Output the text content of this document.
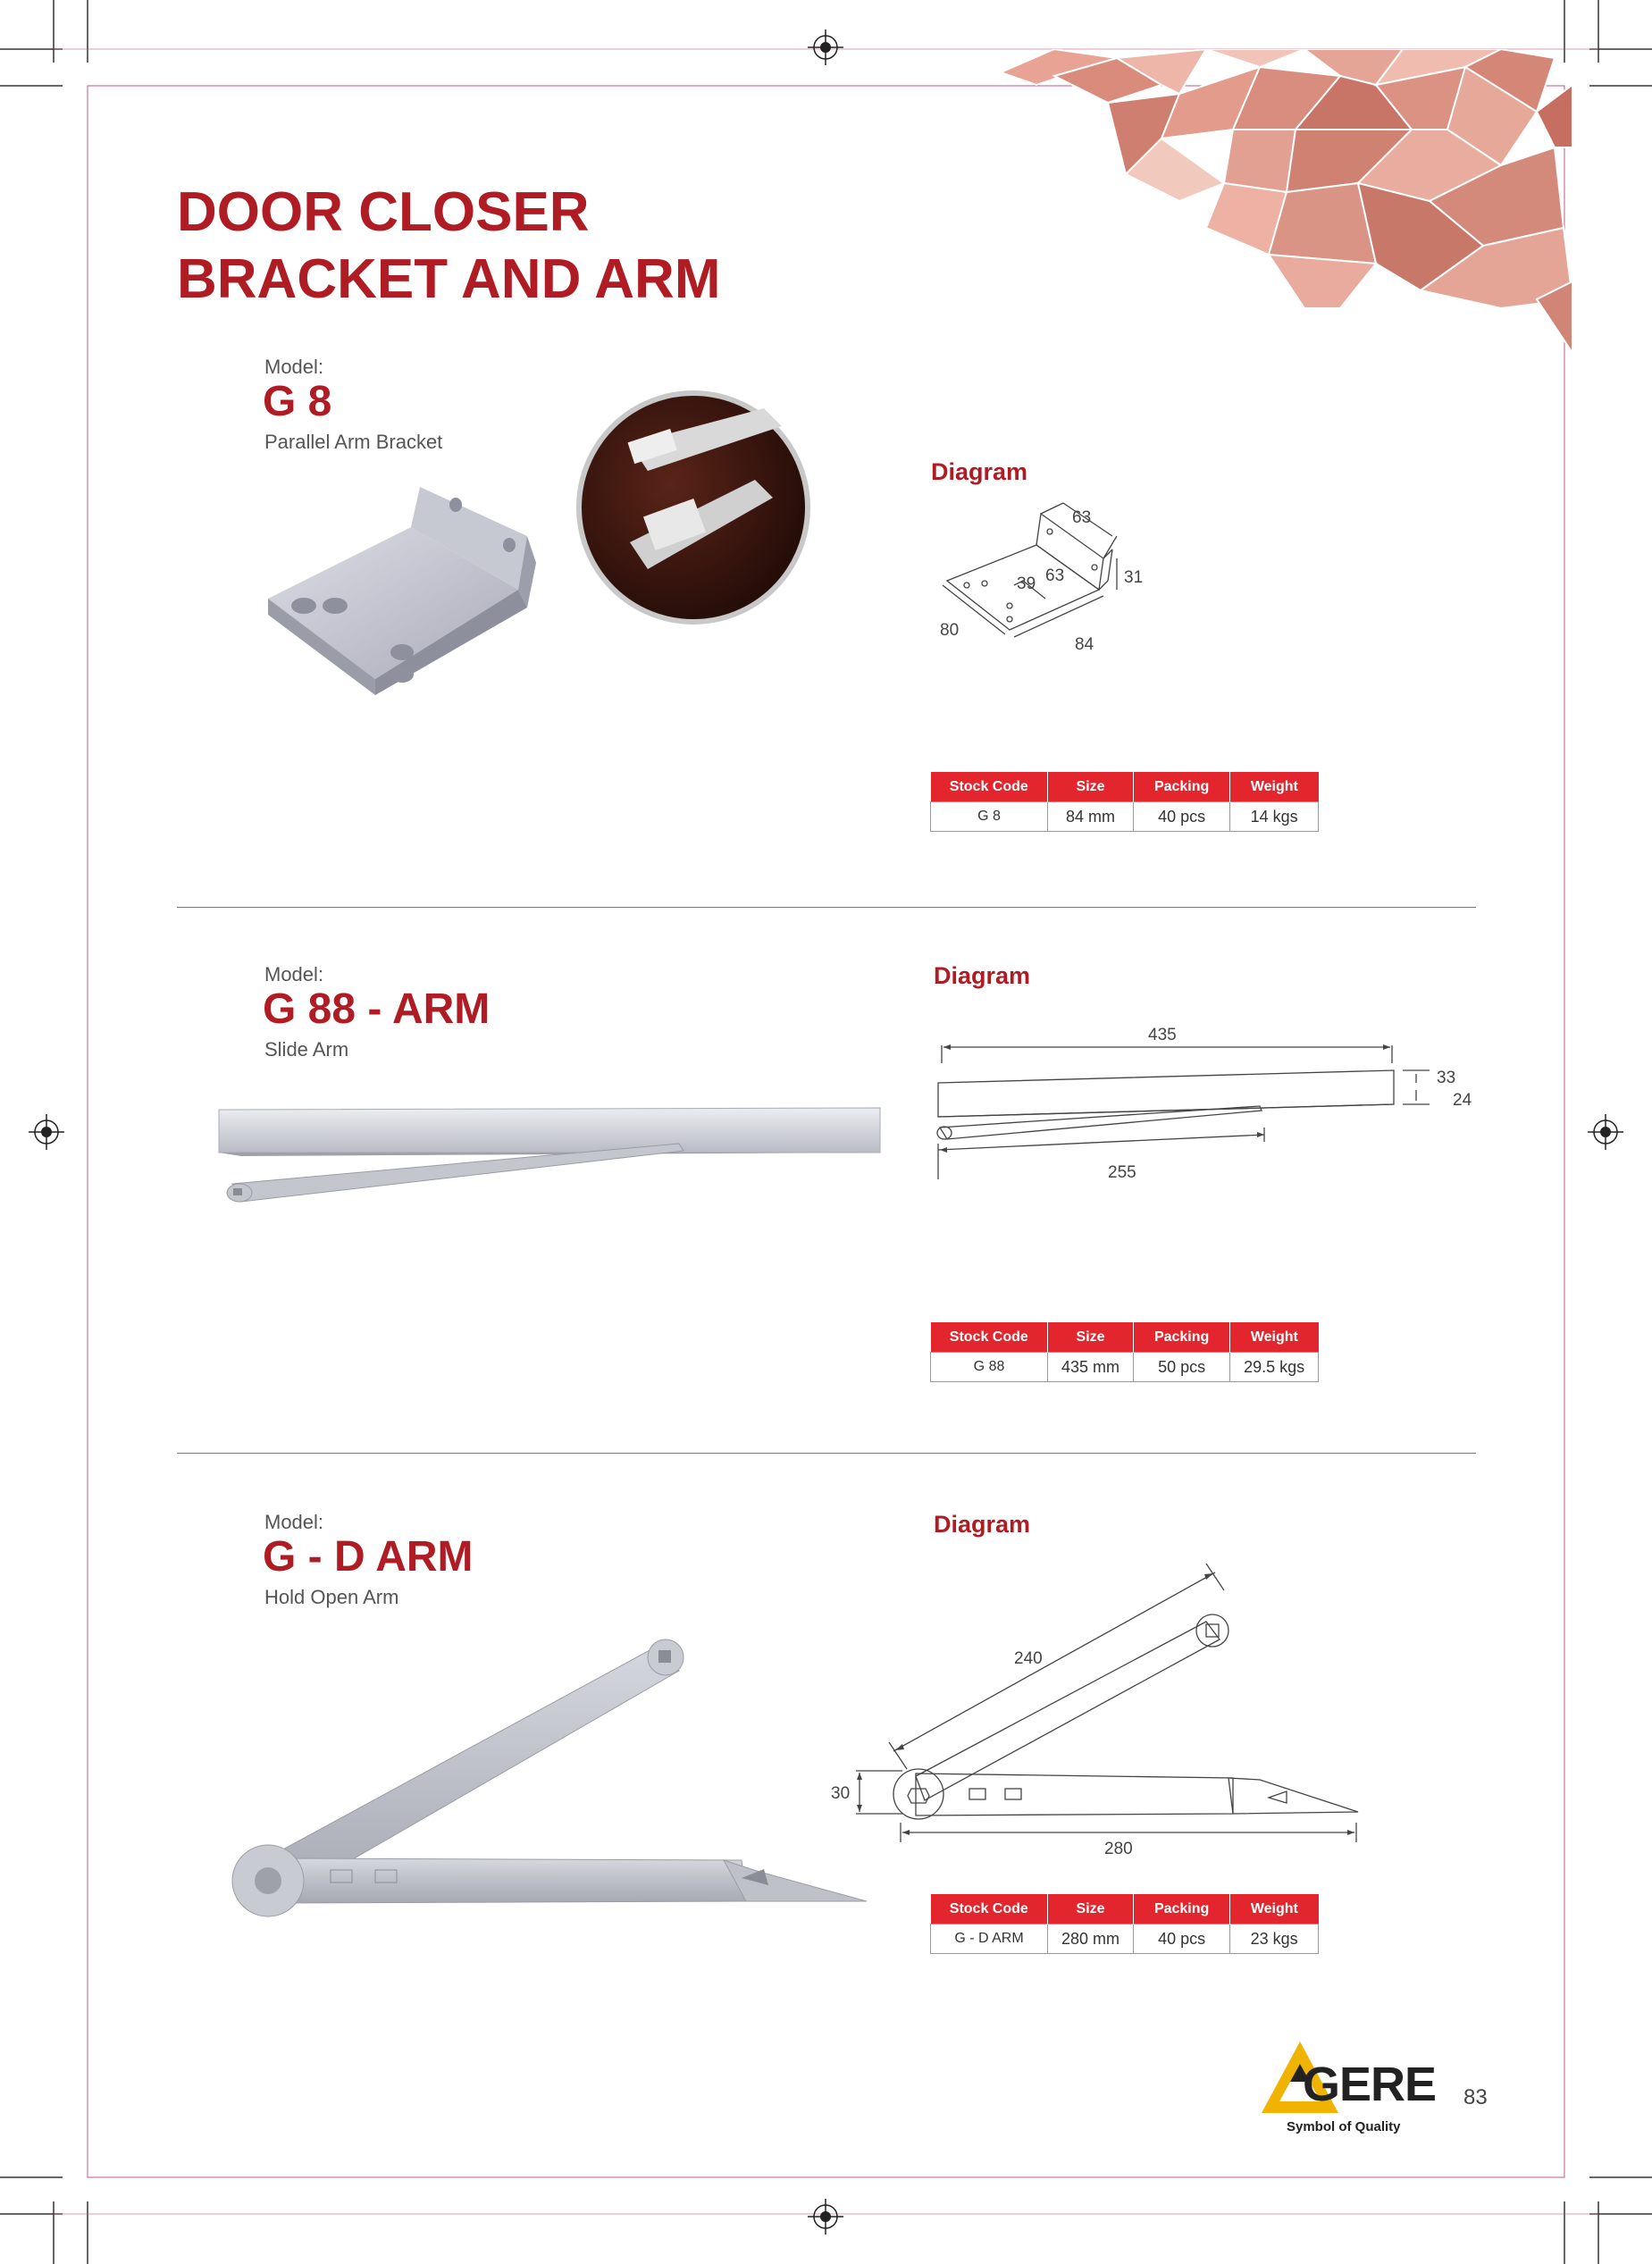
DOOR CLOSER
BRACKET AND ARM
Model:
G 8
Parallel Arm Bracket
Diagram
63
63
39	31
80
84
Stock Code	Size	Packing	Weight
G 8	84 mm	40 pcs	14 kgs
Model:
G 88 - ARM
Slide Arm
Diagram
435
33
24
255
Stock Code	Size	Packing	Weight
G 88	435 mm	50 pcs	29.5 kgs
Model:
G - D ARM
Hold Open Arm
Diagram
240
30
280
Stock Code	Size	Packing	Weight
G - D ARM	280 mm	40 pcs	23 kgs
GERE
Symbol of Quality
83
